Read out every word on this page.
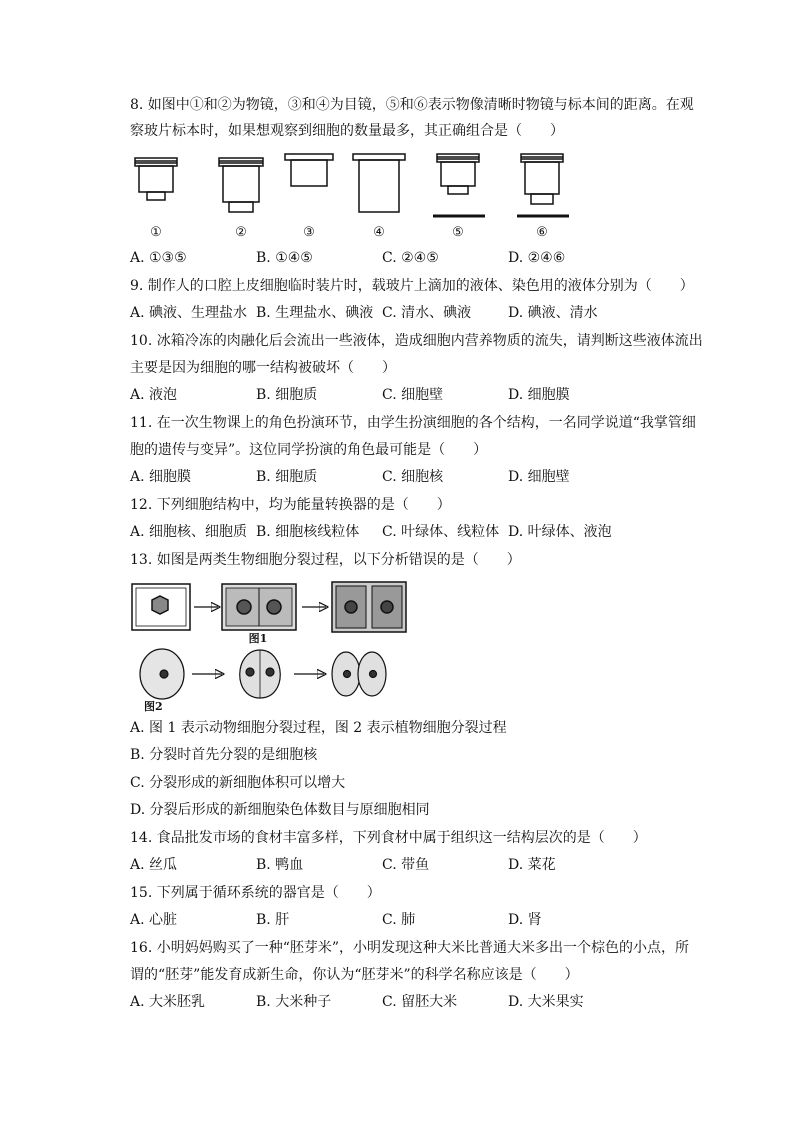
8. 如图中①和②为物镜，③和④为目镜，⑤和⑥表示物像清晰时物镜与标本间的距离。在观
察玻片标本时，如果想观察到细胞的数量最多，其正确组合是（　　）
①	②	③	④	⑤	⑥
A. ①③⑤	B. ①④⑤	C. ②④⑤	D. ②④⑥
9. 制作人的口腔上皮细胞临时装片时，载玻片上滴加的液体、染色用的液体分别为（　　）
A. 碘液、生理盐水 B. 生理盐水、碘液 C. 清水、碘液	D. 碘液、清水
10. 冰箱冷冻的肉融化后会流出一些液体，造成细胞内营养物质的流失，请判断这些液体流出
主要是因为细胞的哪一结构被破坏（　　）
A. 液泡	B. 细胞质	C. 细胞壁	D. 细胞膜
11. 在一次生物课上的角色扮演环节，由学生扮演细胞的各个结构，一名同学说道“我掌管细
胞的遗传与变异”。这位同学扮演的角色最可能是（　　）
A. 细胞膜	B. 细胞质	C. 细胞核	D. 细胞壁
12. 下列细胞结构中，均为能量转换器的是（　　）
A. 细胞核、细胞质 B. 细胞核线粒体 C. 叶绿体、线粒体 D. 叶绿体、液泡
13. 如图是两类生物细胞分裂过程，以下分析错误的是（　　）
图1
图2
A. 图 1 表示动物细胞分裂过程，图 2 表示植物细胞分裂过程
B. 分裂时首先分裂的是细胞核
C. 分裂形成的新细胞体积可以增大
D. 分裂后形成的新细胞染色体数目与原细胞相同
14. 食品批发市场的食材丰富多样，下列食材中属于组织这一结构层次的是（　　）
A. 丝瓜	B. 鸭血	C. 带鱼	D. 菜花
15. 下列属于循环系统的器官是（　　）
A. 心脏	B. 肝	C. 肺	D. 肾
16. 小明妈妈购买了一种“胚芽米”，小明发现这种大米比普通大米多出一个棕色的小点，所
谓的“胚芽”能发育成新生命，你认为“胚芽米”的科学名称应该是（　　）
A. 大米胚乳	B. 大米种子	C. 留胚大米	D. 大米果实
